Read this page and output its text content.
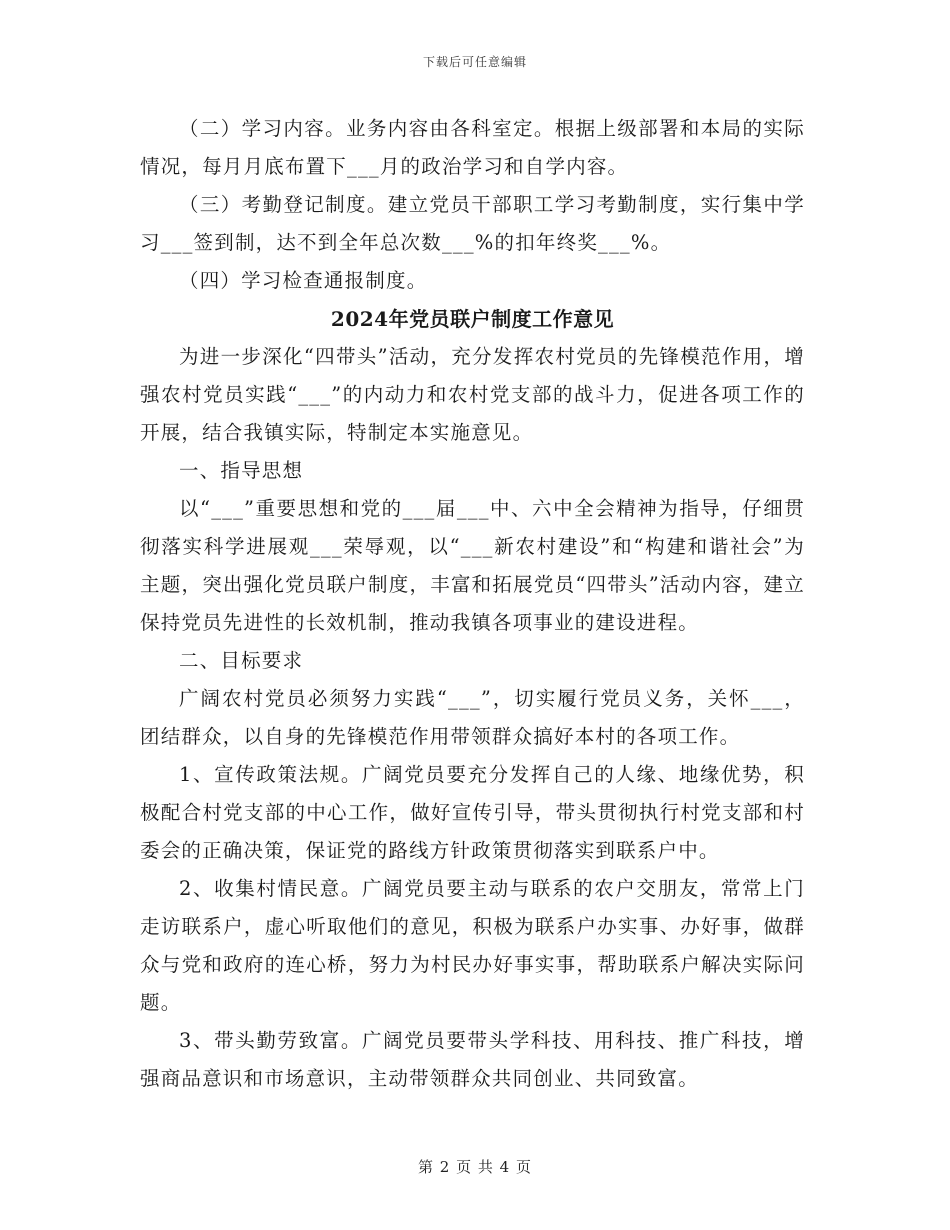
下载后可任意编辑

（二）学习内容。业务内容由各科室定。根据上级部署和本局的实际情况，每月月底布置下___月的政治学习和自学内容。

（三）考勤登记制度。建立党员干部职工学习考勤制度，实行集中学习___签到制，达不到全年总次数___%的扣年终奖___%。

（四）学习检查通报制度。

2024年党员联户制度工作意见

为进一步深化“四带头”活动，充分发挥农村党员的先锋模范作用，增强农村党员实践“___”的内动力和农村党支部的战斗力，促进各项工作的开展，结合我镇实际，特制定本实施意见。

一、指导思想

以“___”重要思想和党的___届___中、六中全会精神为指导，仔细贯彻落实科学进展观___荣辱观，以“___新农村建设”和“构建和谐社会”为主题，突出强化党员联户制度，丰富和拓展党员“四带头”活动内容，建立保持党员先进性的长效机制，推动我镇各项事业的建设进程。

二、目标要求

广阔农村党员必须努力实践“___”，切实履行党员义务，关怀___，团结群众，以自身的先锋模范作用带领群众搞好本村的各项工作。

1、宣传政策法规。广阔党员要充分发挥自己的人缘、地缘优势，积极配合村党支部的中心工作，做好宣传引导，带头贯彻执行村党支部和村委会的正确决策，保证党的路线方针政策贯彻落实到联系户中。

2、收集村情民意。广阔党员要主动与联系的农户交朋友，常常上门走访联系户，虚心听取他们的意见，积极为联系户办实事、办好事，做群众与党和政府的连心桥，努力为村民办好事实事，帮助联系户解决实际问题。

3、带头勤劳致富。广阔党员要带头学科技、用科技、推广科技，增强商品意识和市场意识，主动带领群众共同创业、共同致富。

第 2 页 共 4 页
